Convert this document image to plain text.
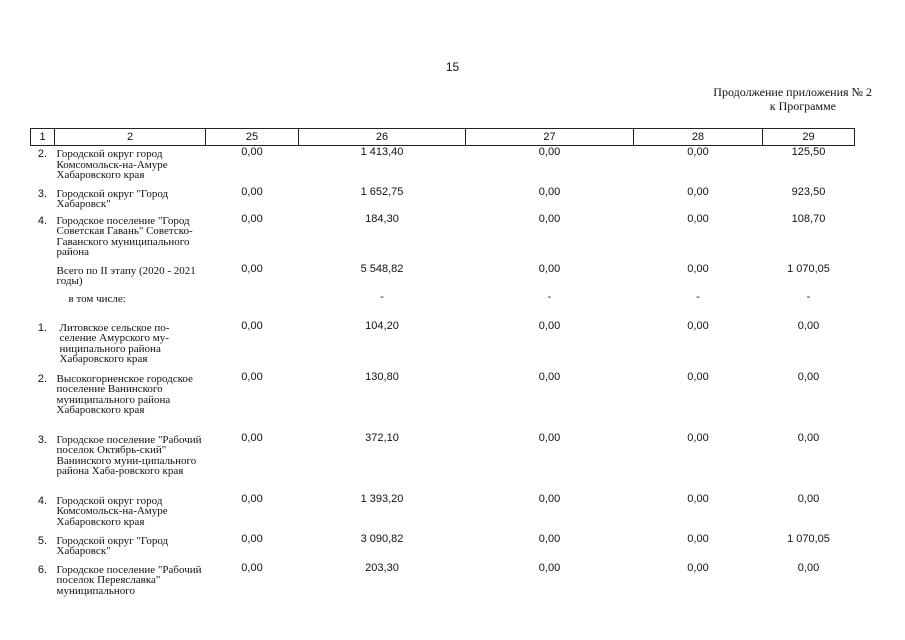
15
Продолжение приложения № 2
к Программе
1	2	25	26	27	28	29
2.	Городской округ город Комсомольск-на-Амуре Хабаровского края	0,00	1 413,40	0,00	0,00	125,50
3.	Городской округ "Город Хабаровск"	0,00	1 652,75	0,00	0,00	923,50
4.	Городское поселение "Город Советская Гавань" Советско-Гаванского муниципального района	0,00	184,30	0,00	0,00	108,70
	Всего по II этапу (2020 - 2021 годы)	0,00	5 548,82	0,00	0,00	1 070,05
	в том числе:		-	-	-	-
1.	Литовское сельское по-селение Амурского му-ниципального района Хабаровского края	0,00	104,20	0,00	0,00	0,00
2.	Высокогорненское городское поселение Ванинского муниципального района Хабаровского края	0,00	130,80	0,00	0,00	0,00
3.	Городское поселение "Рабочий поселок Октябрь-ский" Ванинского муни-ципального района Хаба-ровского края	0,00	372,10	0,00	0,00	0,00
4.	Городской округ город Комсомольск-на-Амуре Хабаровского края	0,00	1 393,20	0,00	0,00	0,00
5.	Городской округ "Город Хабаровск"	0,00	3 090,82	0,00	0,00	1 070,05
6.	Городское поселение "Рабочий поселок Переяславка" муниципального	0,00	203,30	0,00	0,00	0,00
